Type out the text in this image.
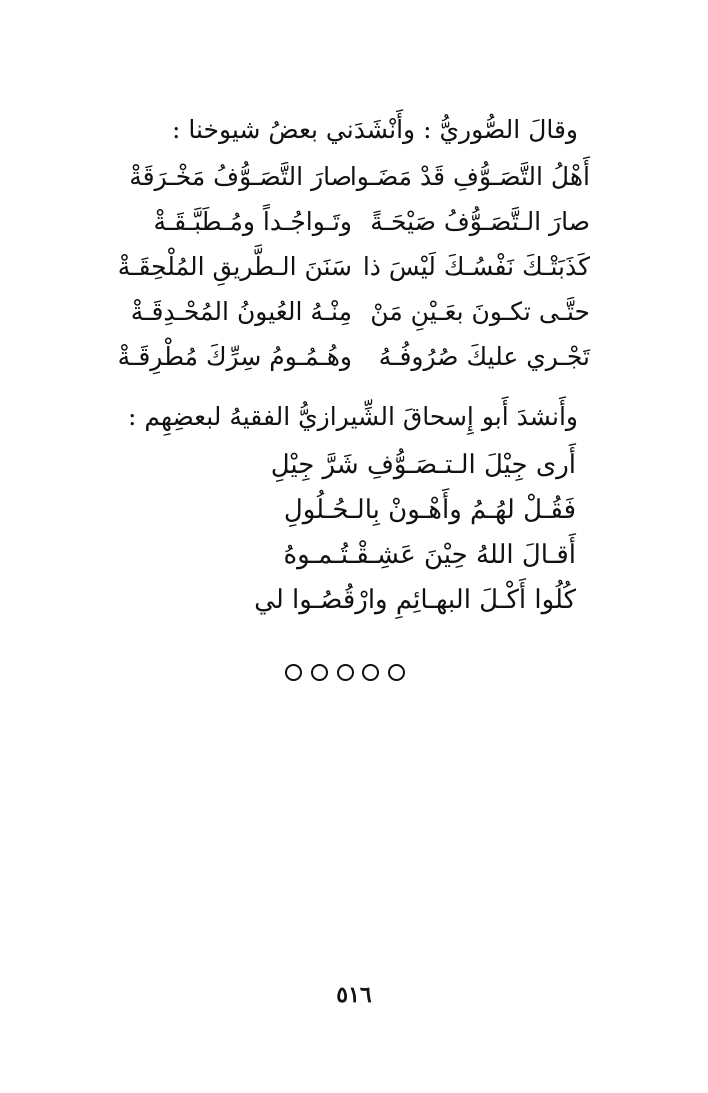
وقالَ الصُّوريُّ : وأَنْشَدَني بعضُ شيوخنا :
أَهْلُ التَّصَـوُّفِ قَدْ مَضَـوا
صارَ التَّصَـوُّفُ مَخْـرَقَةْ
صارَ الـتَّصَـوُّفُ صَيْحَـةً
وتَـواجُـداً ومُـطَبَّـقَـةْ
كَذَبَتْـكَ نَفْسُـكَ لَيْسَ ذا
سَنَنَ الـطَّريقِ المُلْحِقَـةْ
حتَّـى تكـونَ بعَـيْنِ مَنْ
مِنْـهُ العُيونُ المُحْـدِقَـةْ
تَجْـري عليكَ صُرُوفُـهُ
وهُـمُـومُ سِرِّكَ مُطْرِقَـةْ
وأَنشدَ أَبو إِسحاقَ الشِّيرازيُّ الفقيهُ لبعضِهِم :
أَرى جِيْلَ الـتـصَـوُّفِ شَرَّ جِيْلِ
فَقُـلْ لهُـمُ وأَهْـونْ بِالـحُـلُولِ
أَقـالَ اللهُ حِيْنَ عَشِـقْـتُـمـوهُ
كُلُوا أَكْـلَ البهـائِمِ وارْقُصُـوا لي
٥١٦
